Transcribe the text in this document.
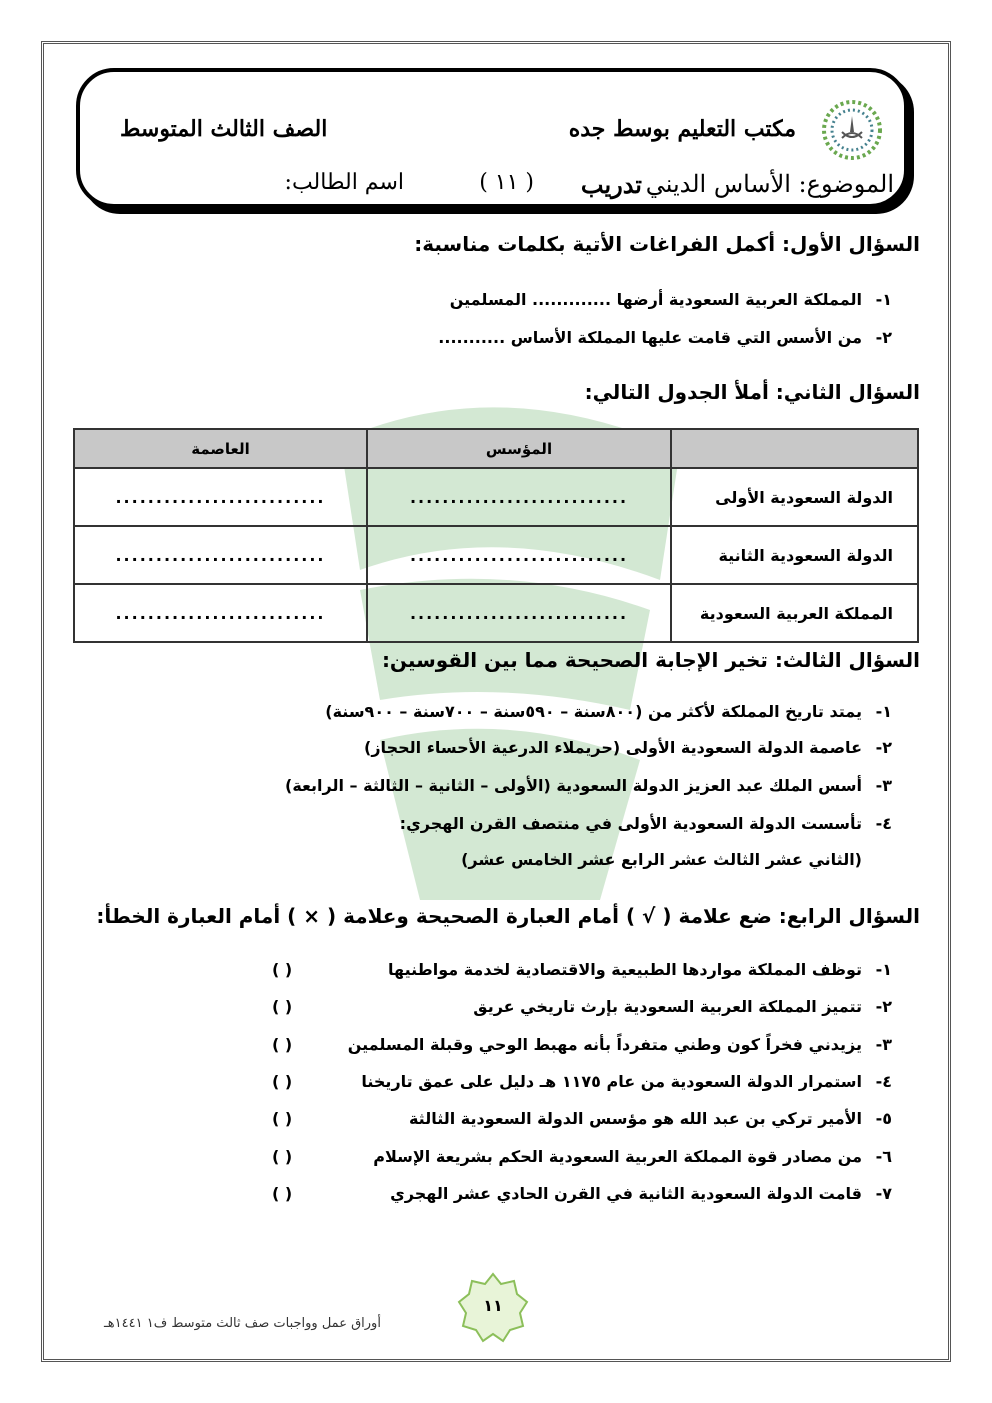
مكتب التعليم بوسط جده
الصف الثالث المتوسط
الموضوع: الأساس الديني
تدريب
( ١١ )
اسم الطالب:
السؤال الأول: أكمل الفراغات الأتية بكلمات مناسبة:
١-
المملكة العربية السعودية أرضها ............. المسلمين
٢-
من الأسس التي قامت عليها المملكة الأساس ...........
السؤال الثاني: أملأ الجدول التالي:
	المؤسس	العاصمة
الدولة السعودية الأولى	...........................	..........................
الدولة السعودية الثانية	...........................	..........................
المملكة العربية السعودية	...........................	..........................
السؤال الثالث: تخير الإجابة الصحيحة مما بين القوسين:
١-
يمتد تاريخ المملكة لأكثر من (٨٠٠سنة – ٥٩٠سنة – ٧٠٠سنة – ٩٠٠سنة)
٢-
عاصمة الدولة السعودية الأولى (حريملاء الدرعية الأحساء الحجاز)
٣-
أسس الملك عبد العزيز الدولة السعودية (الأولى – الثانية – الثالثة – الرابعة)
٤-
تأسست الدولة السعودية الأولى في منتصف القرن الهجري:
(الثاني عشر الثالث عشر الرابع عشر الخامس عشر)
السؤال الرابع: ضع علامة ( √ ) أمام العبارة الصحيحة وعلامة ( × ) أمام العبارة الخطأ:
١-
توظف المملكة مواردها الطبيعية والاقتصادية لخدمة مواطنيها
( )
٢-
تتميز المملكة العربية السعودية بإرث تاريخي عريق
( )
٣-
يزيدني فخراً كون وطني متفرداً بأنه مهبط الوحي وقبلة المسلمين
( )
٤-
استمرار الدولة السعودية من عام ١١٧٥ هـ دليل على عمق تاريخنا
( )
٥-
الأمير تركي بن عبد الله هو مؤسس الدولة السعودية الثالثة
( )
٦-
من مصادر قوة المملكة العربية السعودية الحكم بشريعة الإسلام
( )
٧-
قامت الدولة السعودية الثانية في القرن الحادي عشر الهجري
( )
١١
أوراق عمل وواجبات صف ثالث متوسط ف١ ١٤٤١هـ
